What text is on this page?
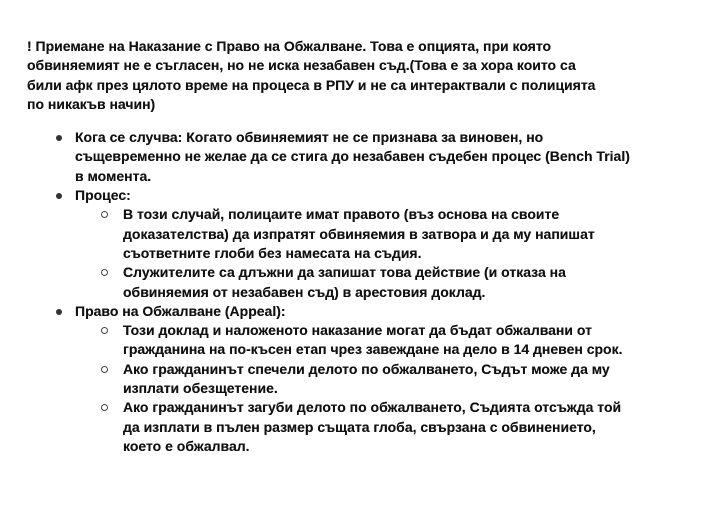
! Приемане на Наказание с Право на Обжалване. Това е опцията, при която обвиняемият не е съгласен, но не иска незабавен съд.(Това е за хора които са били афк през цялото време на процеса в РПУ и не са интерактвали с полицията по никакъв начин)

Кога се случва: Когато обвиняемият не се признава за виновен, но същевременно не желае да се стига до незабавен съдебен процес (Bench Trial) в момента.
Процес:
В този случай, полицаите имат правото (въз основа на своите доказателства) да изпратят обвиняемия в затвора и да му напишат съответните глоби без намесата на съдия.
Служителите са длъжни да запишат това действие (и отказа на обвиняемия от незабавен съд) в арестовия доклад.
Право на Обжалване (Appeal):
Този доклад и наложеното наказание могат да бъдат обжалвани от гражданина на по-късен етап чрез завеждане на дело в 14 дневен срок.
Ако гражданинът спечели делото по обжалването, Съдът може да му изплати обезщетение.
Ако гражданинът загуби делото по обжалването, Съдията отсъжда той да изплати в пълен размер същата глоба, свързана с обвинението, което е обжалвал.
